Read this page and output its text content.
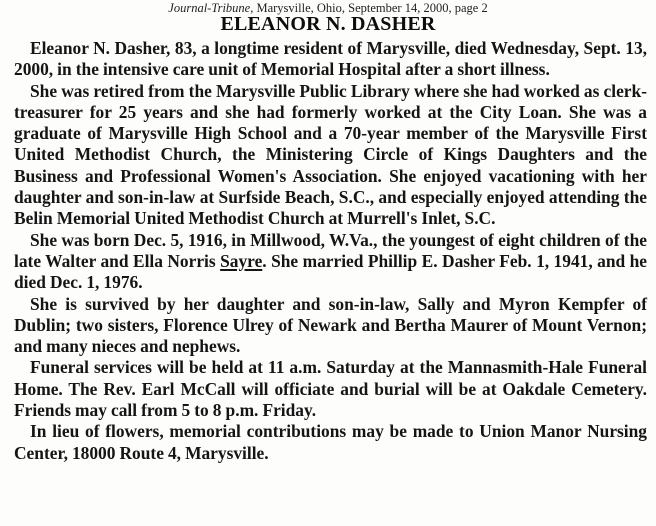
Journal-Tribune, Marysville, Ohio, September 14, 2000, page 2
ELEANOR N. DASHER

Eleanor N. Dasher, 83, a longtime resident of Marysville, died Wednesday, Sept. 13, 2000, in the intensive care unit of Memorial Hospital after a short illness.

She was retired from the Marysville Public Library where she had worked as clerk-treasurer for 25 years and she had formerly worked at the City Loan. She was a graduate of Marysville High School and a 70-year member of the Marysville First United Methodist Church, the Ministering Circle of Kings Daughters and the Business and Professional Women's Association. She enjoyed vacationing with her daughter and son-in-law at Surfside Beach, S.C., and especially enjoyed attending the Belin Memorial United Methodist Church at Murrell's Inlet, S.C.

She was born Dec. 5, 1916, in Millwood, W.Va., the youngest of eight children of the late Walter and Ella Norris Sayre. She married Phillip E. Dasher Feb. 1, 1941, and he died Dec. 1, 1976.

She is survived by her daughter and son-in-law, Sally and Myron Kempfer of Dublin; two sisters, Florence Ulrey of Newark and Bertha Maurer of Mount Vernon; and many nieces and nephews.

Funeral services will be held at 11 a.m. Saturday at the Mannasmith-Hale Funeral Home. The Rev. Earl McCall will officiate and burial will be at Oakdale Cemetery. Friends may call from 5 to 8 p.m. Friday.

In lieu of flowers, memorial contributions may be made to Union Manor Nursing Center, 18000 Route 4, Marysville.
